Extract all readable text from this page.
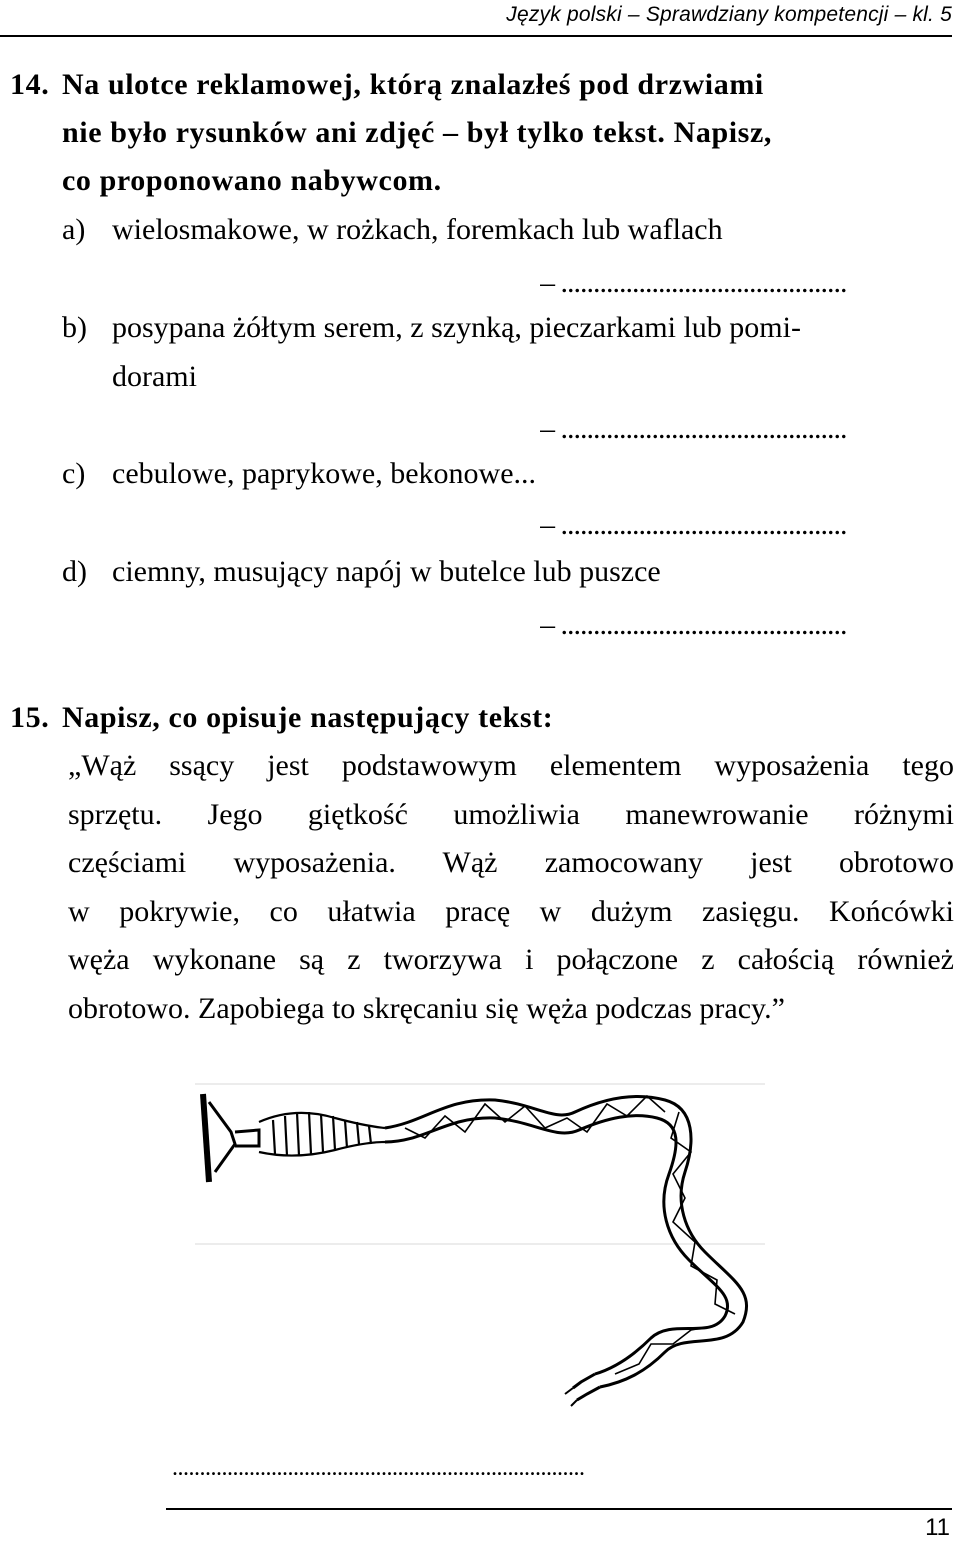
Język polski – Sprawdziany kompetencji – kl. 5
14. Na ulotce reklamowej, którą znalazłeś pod drzwiami
nie było rysunków ani zdjęć – był tylko tekst. Napisz,
co proponowano nabywcom.
a) wielosmakowe, w rożkach, foremkach lub waflach
– ............................................
b) posypana żółtym serem, z szynką, pieczarkami lub pomi-
dorami
– ............................................
c) cebulowe, paprykowe, bekonowe...
– ............................................
d) ciemny, musujący napój w butelce lub puszce
– ............................................
15. Napisz, co opisuje następujący tekst:
„Wąż ssący jest podstawowym elementem wyposażenia tego
sprzętu. Jego giętkość umożliwia manewrowanie różnymi
częściami wyposażenia. Wąż zamocowany jest obrotowo
w pokrywie, co ułatwia pracę w dużym zasięgu. Końcówki
węża wykonane są z tworzywa i połączone z całością również
obrotowo. Zapobiega to skręcaniu się węża podczas pracy.”
...........................................................................
11
